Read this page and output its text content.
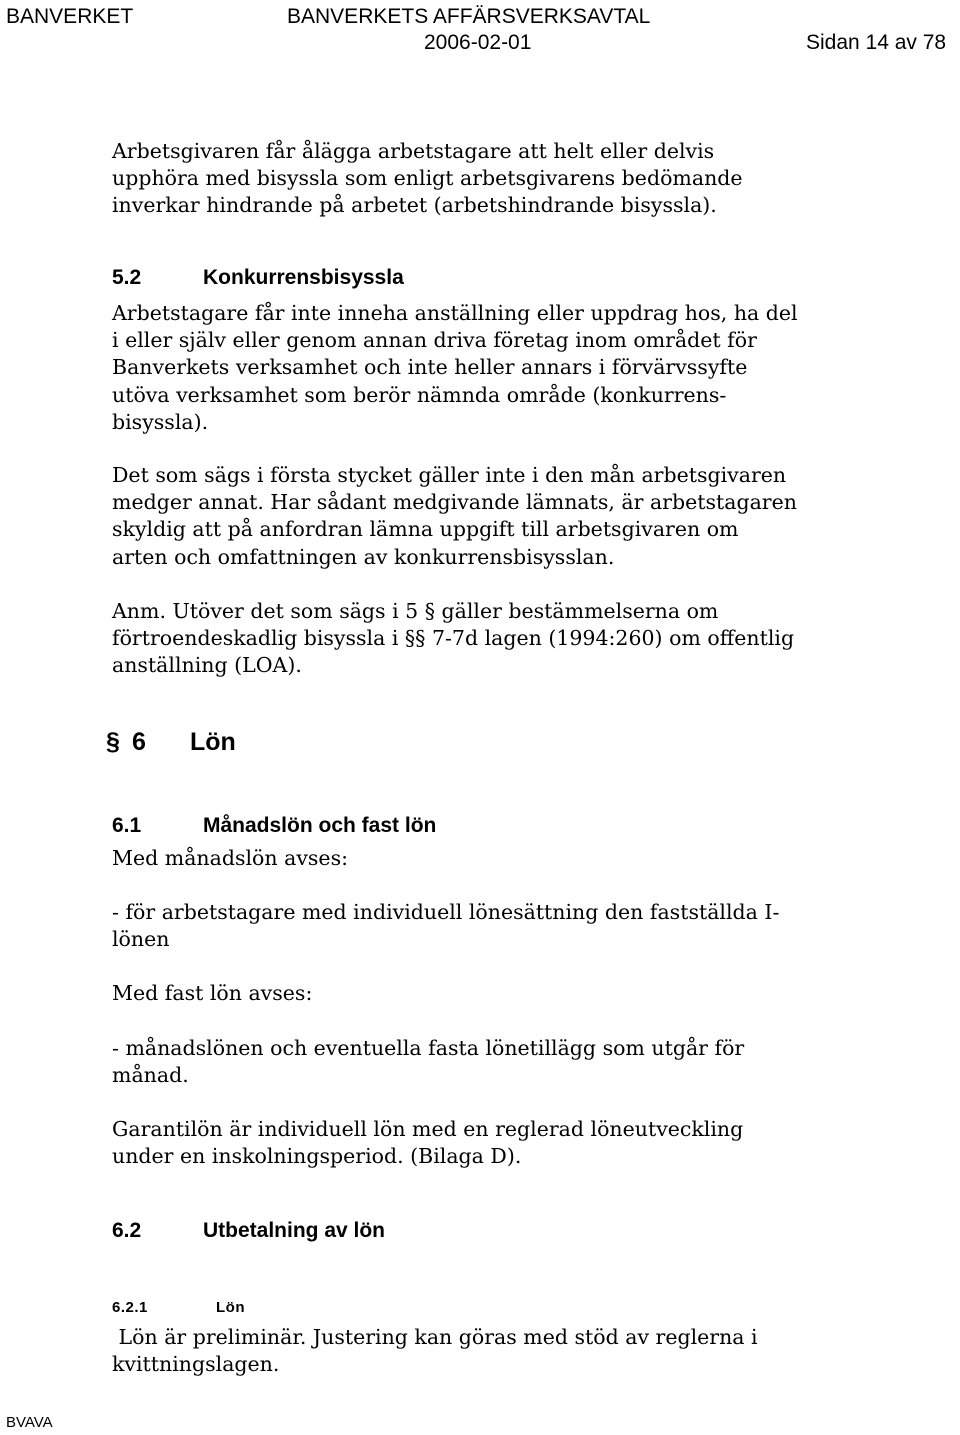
BANVERKET	BANVERKETS AFFÄRSVERKSAVTAL
2006-02-01	Sidan 14 av 78
Arbetsgivaren får ålägga arbetstagare att helt eller delvis
upphöra med bisyssla som enligt arbetsgivarens bedömande
inverkar hindrande på arbetet (arbetshindrande bisyssla).
5.2	Konkurrensbisyssla
Arbetstagare får inte inneha anställning eller uppdrag hos, ha del
i eller själv eller genom annan driva företag inom området för
Banverkets verksamhet och inte heller annars i förvärvssyfte
utöva verksamhet som berör nämnda område (konkurrens-
bisyssla).
Det som sägs i första stycket gäller inte i den mån arbetsgivaren
medger annat. Har sådant medgivande lämnats, är arbetstagaren
skyldig att på anfordran lämna uppgift till arbetsgivaren om
arten och omfattningen av konkurrensbisysslan.
Anm. Utöver det som sägs i 5 § gäller bestämmelserna om
förtroendeskadlig bisyssla i §§ 7-7d lagen (1994:260) om offentlig
anställning (LOA).
§ 6 Lön
6.1	Månadslön och fast lön
Med månadslön avses:
- för arbetstagare med individuell lönesättning den fastställda I-
lönen
Med fast lön avses:
- månadslönen och eventuella fasta lönetillägg som utgår för
månad.
Garantilön är individuell lön med en reglerad löneutveckling
under en inskolningsperiod. (Bilaga D).
6.2	Utbetalning av lön
6.2.1	Lön
Lön är preliminär. Justering kan göras med stöd av reglerna i
kvittningslagen.
BVAVA
